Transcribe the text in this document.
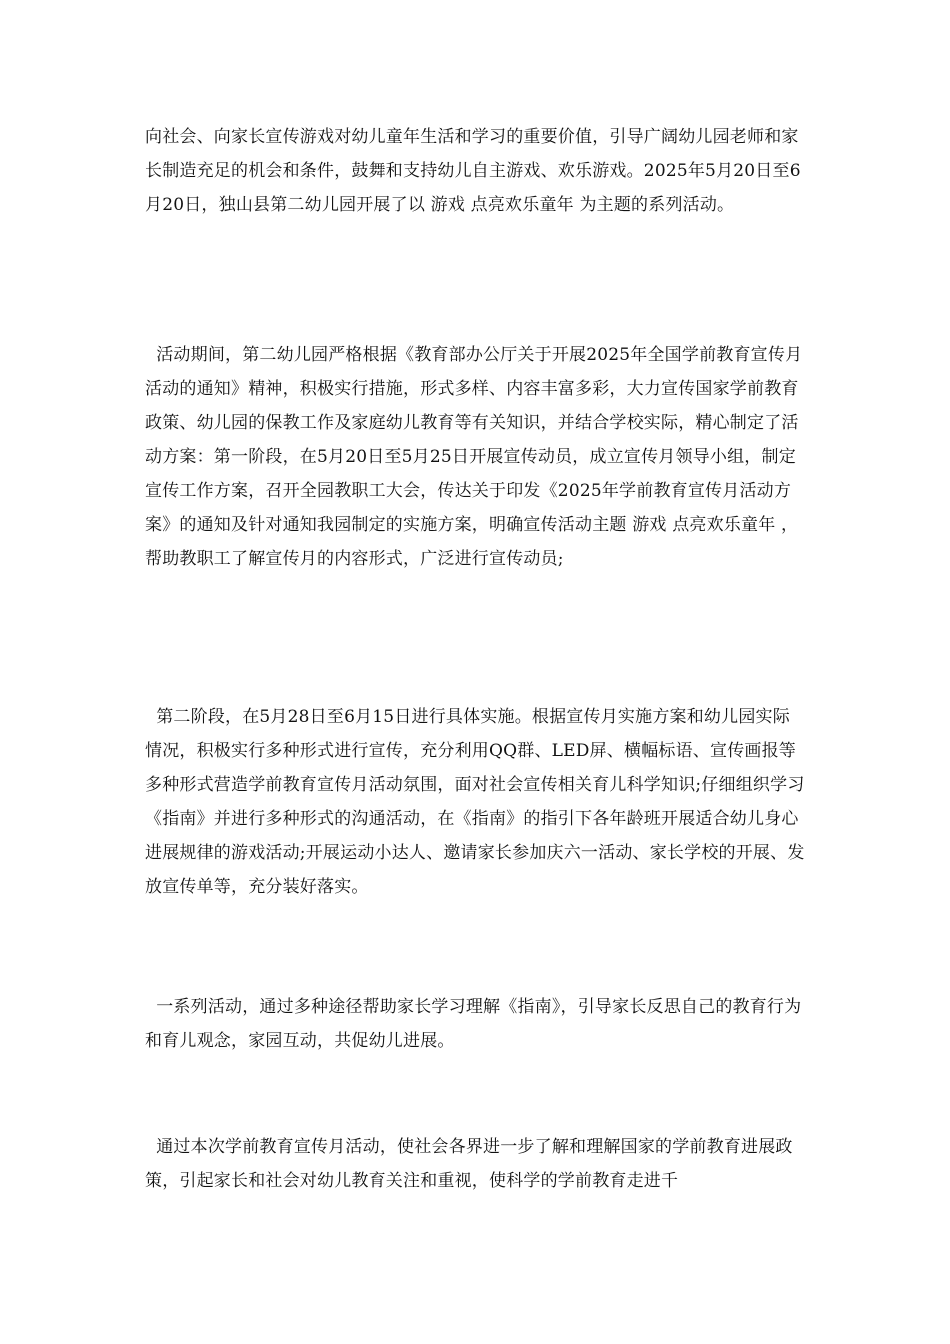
向社会、向家长宣传游戏对幼儿童年生活和学习的重要价值，引导广阔幼儿园老师和家长制造充足的机会和条件，鼓舞和支持幼儿自主游戏、欢乐游戏。2025年5月20日至6月20日，独山县第二幼儿园开展了以 游戏 点亮欢乐童年 为主题的系列活动。

活动期间，第二幼儿园严格根据《教育部办公厅关于开展2025年全国学前教育宣传月活动的通知》精神，积极实行措施，形式多样、内容丰富多彩，大力宣传国家学前教育政策、幼儿园的保教工作及家庭幼儿教育等有关知识，并结合学校实际，精心制定了活动方案：第一阶段，在5月20日至5月25日开展宣传动员，成立宣传月领导小组，制定宣传工作方案，召开全园教职工大会，传达关于印发《2025年学前教育宣传月活动方案》的通知及针对通知我园制定的实施方案，明确宣传活动主题 游戏 点亮欢乐童年 ，帮助教职工了解宣传月的内容形式，广泛进行宣传动员;

第二阶段，在5月28日至6月15日进行具体实施。根据宣传月实施方案和幼儿园实际情况，积极实行多种形式进行宣传，充分利用QQ群、LED屏、横幅标语、宣传画报等多种形式营造学前教育宣传月活动氛围，面对社会宣传相关育儿科学知识;仔细组织学习《指南》并进行多种形式的沟通活动，在《指南》的指引下各年龄班开展适合幼儿身心进展规律的游戏活动;开展运动小达人、邀请家长参加庆六一活动、家长学校的开展、发放宣传单等，充分装好落实。

一系列活动，通过多种途径帮助家长学习理解《指南》，引导家长反思自己的教育行为和育儿观念，家园互动，共促幼儿进展。

通过本次学前教育宣传月活动，使社会各界进一步了解和理解国家的学前教育进展政策，引起家长和社会对幼儿教育关注和重视，使科学的学前教育走进千
